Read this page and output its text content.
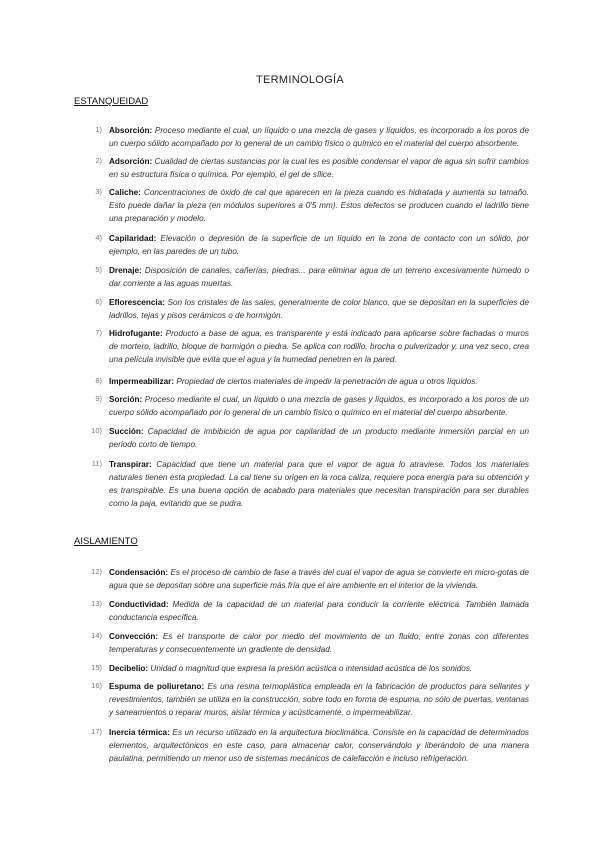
TERMINOLOGÍA
ESTANQUEIDAD
1) Absorción: Proceso mediante el cual, un líquido o una mezcla de gases y líquidos, es incorporado a los poros de un cuerpo sólido acompañado por lo general de un cambio físico o químico en el material del cuerpo absorbente.
2) Adsorción: Cualidad de ciertas sustancias por la cual les es posible condensar el vapor de agua sin sufrir cambios en su estructura física o química. Por ejemplo, el gel de sílice.
3) Caliche: Concentraciones de óxido de cal que aparecen en la pieza cuando es hidratada y aumenta su tamaño. Esto puede dañar la pieza (en módulos superiores a 0'5 mm). Estos defectos se producen cuando el ladrillo tiene una preparación y modelo.
4) Capilaridad: Elevación o depresión de la superficie de un líquido en la zona de contacto con un sólido, por ejemplo, en las paredes de un tubo.
5) Drenaje: Disposición de canales, cañerías, piedras... para eliminar agua de un terreno excesivamente húmedo o dar corriente a las aguas muertas.
6) Eflorescencia: Son los cristales de las sales, generalmente de color blanco, que se depositan en la superficies de ladrillos, tejas y pisos cerámicos o de hormigón.
7) Hidrofugante: Producto a base de agua, es transparente y está indicado para aplicarse sobre fachadas o muros de mortero, ladrillo, bloque de hormigón o piedra. Se aplica con rodillo, brocha o pulverizador y, una vez seco, crea una película invisible que evita que el agua y la humedad penetren en la pared.
8) Impermeabilizar: Propiedad de ciertos materiales de impedir la penetración de agua u otros líquidos.
9) Sorción: Proceso mediante el cual, un líquido o una mezcla de gases y líquidos, es incorporado a los poros de un cuerpo sólido acompañado por lo general de un cambio físico o químico en el material del cuerpo absorbente.
10) Succión: Capacidad de imbibición de agua por capilaridad de un producto mediante inmersión parcial en un periodo corto de tiempo.
11) Transpirar: Capacidad que tiene un material para que el vapor de agua lo atraviese. Todos los materiales naturales tienen esta propiedad. La cal tiene su origen en la roca caliza, requiere poca energía para su obtención y es transpirable. Es una buena opción de acabado para materiales que necesitan transpiración para ser durables como la paja, evitando que se pudra.
AISLAMIENTO
12) Condensación: Es el proceso de cambio de fase a través del cual el vapor de agua se convierte en micro-gotas de agua que se depositan sobre una superficie más fría que el aire ambiente en el interior de la vivienda.
13) Conductividad: Medida de la capacidad de un material para conducir la corriente eléctrica. También llamada conductancia específica.
14) Convección: Es el transporte de calor por medio del movimiento de un fluido, entre zonas con diferentes temperaturas y consecuentemente un gradiente de densidad.
15) Decibelio: Unidad o magnitud que expresa la presión acústica o intensidad acústica de los sonidos.
16) Espuma de poliuretano: Es una resina termoplástica empleada en la fabricación de productos para sellantes y revestimientos, también se utiliza en la construcción, sobre todo en forma de espuma, no sólo de puertas, ventanas y saneamientos o reparar muros, aislar térmica y acústicamente, o impermeabilizar.
17) Inercia térmica: Es un recurso utilizado en la arquitectura bioclimática. Consiste en la capacidad de determinados elementos, arquitectónicos en este caso, para almacenar calor, conservándolo y liberándolo de una manera paulatina, permitiendo un menor uso de sistemas mecánicos de calefacción e incluso refrigeración.
